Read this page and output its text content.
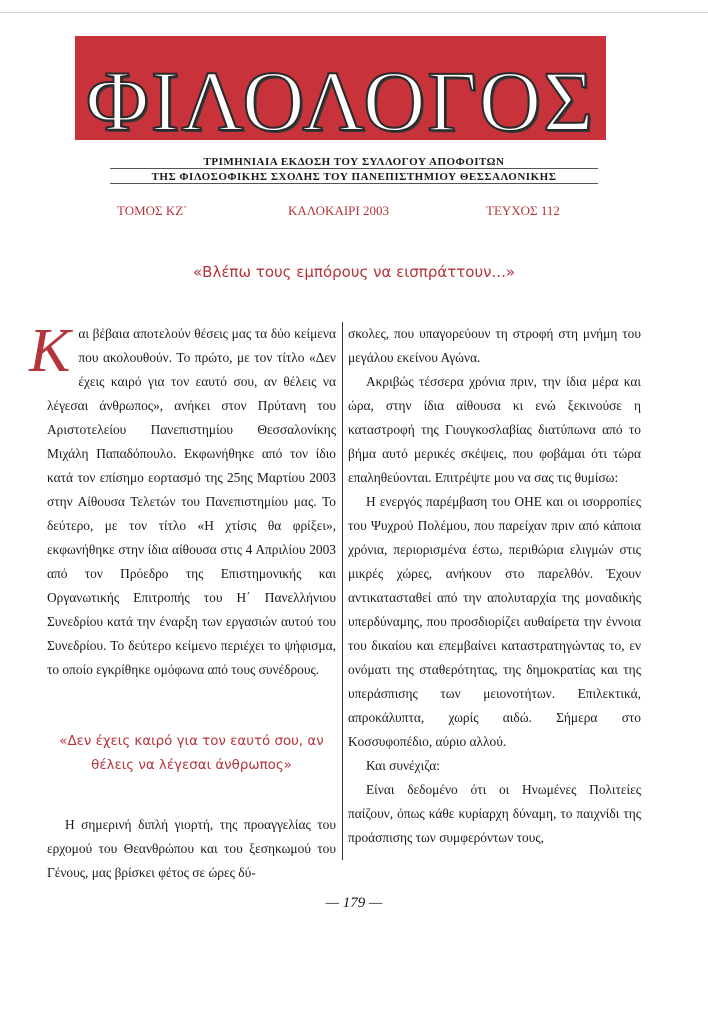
ΦΙΛΟΛΟΓΟΣ
ΤΡΙΜΗΝΙΑΙΑ ΕΚΔΟΣΗ ΤΟΥ ΣΥΛΛΟΓΟΥ ΑΠΟΦΟΙΤΩΝ
ΤΗΣ ΦΙΛΟΣΟΦΙΚΗΣ ΣΧΟΛΗΣ ΤΟΥ ΠΑΝΕΠΙΣΤΗΜΙΟΥ ΘΕΣΣΑΛΟΝΙΚΗΣ
ΤΟΜΟΣ ΚΖ΄	ΚΑΛΟΚΑΙΡΙ 2003	ΤΕΥΧΟΣ 112
«Βλέπω τους εμπόρους να εισπράττουν...»

Και βέβαια αποτελούν θέσεις μας τα δύο κείμενα που ακολουθούν. Το πρώτο, με τον τίτλο «Δεν έχεις καιρό για τον εαυτό σου, αν θέλεις να λέγεσαι άνθρωπος», ανήκει στον Πρύτανη του Αριστοτελείου Πανεπιστημίου Θεσσαλονίκης Μιχάλη Παπαδόπουλο. Εκφωνήθηκε από τον ίδιο κατά τον επίσημο εορτασμό της 25ης Μαρτίου 2003 στην Αίθουσα Τελετών του Πανεπιστημίου μας. Το δεύτερο, με τον τίτλο «Η χτίσις θα φρίξει», εκφωνήθηκε στην ίδια αίθουσα στις 4 Απριλίου 2003 από τον Πρόεδρο της Επιστημονικής και Οργανωτικής Επιτροπής του Η΄ Πανελλήνιου Συνεδρίου κατά την έναρξη των εργασιών αυτού του Συνεδρίου. Το δεύτερο κείμενο περιέχει το ψήφισμα, το οποίο εγκρίθηκε ομόφωνα από τους συνέδρους.

«Δεν έχεις καιρό για τον εαυτό σου, αν θέλεις να λέγεσαι άνθρωπος»

Η σημερινή διπλή γιορτή, της προαγγελίας του ερχομού του Θεανθρώπου και του ξεσηκωμού του Γένους, μας βρίσκει φέτος σε ώρες δύ-

σκολες, που υπαγορεύουν τη στροφή στη μνήμη του μεγάλου εκείνου Αγώνα.

Ακριβώς τέσσερα χρόνια πριν, την ίδια μέρα και ώρα, στην ίδια αίθουσα κι ενώ ξεκινούσε η καταστροφή της Γιουγκοσλαβίας διατύπωνα από το βήμα αυτό μερικές σκέψεις, που φοβάμαι ότι τώρα επαληθεύονται. Επιτρέψτε μου να σας τις θυμίσω:

Η ενεργός παρέμβαση του ΟΗΕ και οι ισορροπίες του Ψυχρού Πολέμου, που παρείχαν πριν από κάποια χρόνια, περιορισμένα έστω, περιθώρια ελιγμών στις μικρές χώρες, ανήκουν στο παρελθόν. Έχουν αντικατασταθεί από την απολυταρχία της μοναδικής υπερδύναμης, που προσδιορίζει αυθαίρετα την έννοια του δικαίου και επεμβαίνει καταστρατηγώντας το, εν ονόματι της σταθερότητας, της δημοκρατίας και της υπεράσπισης των μειονοτήτων. Επιλεκτικά, απροκάλυπτα, χωρίς αιδώ. Σήμερα στο Κοσσυφοπέδιο, αύριο αλλού.

Και συνέχιζα:

Είναι δεδομένο ότι οι Ηνωμένες Πολιτείες παίζουν, όπως κάθε κυρίαρχη δύναμη, το παιχνίδι της προάσπισης των συμφερόντων τους,

— 179 —
